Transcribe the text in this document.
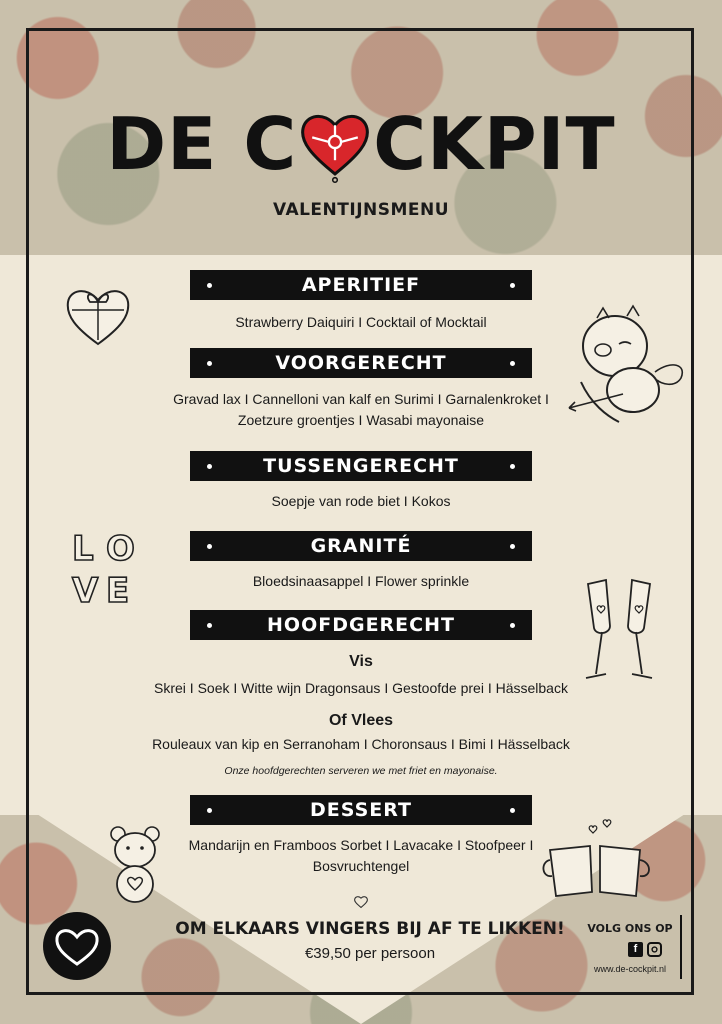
DE C CKPIT
VALENTIJNSMENU
APERITIEF
Strawberry Daiquiri I Cocktail of Mocktail
VOORGERECHT
Gravad lax I Cannelloni van kalf en Surimi I Garnalenkroket I
Zoetzure groentjes I Wasabi mayonaise
TUSSENGERECHT
Soepje van rode biet I Kokos
GRANITÉ
Bloedsinaasappel I Flower sprinkle
HOOFDGERECHT
Vis
Skrei I Soek I Witte wijn Dragonsaus I Gestoofde prei I Hässelback
Of Vlees
Rouleaux van kip en Serranoham I Choronsaus I Bimi I Hässelback
Onze hoofdgerechten serveren we met friet en mayonaise.
DESSERT
Mandarijn en Framboos Sorbet I Lavacake I Stoofpeer I
Bosvruchtengel
L O
V E
OM ELKAARS VINGERS BIJ AF TE LIKKEN!
€39,50 per persoon
VOLG ONS OP
f
www.de-cockpit.nl
